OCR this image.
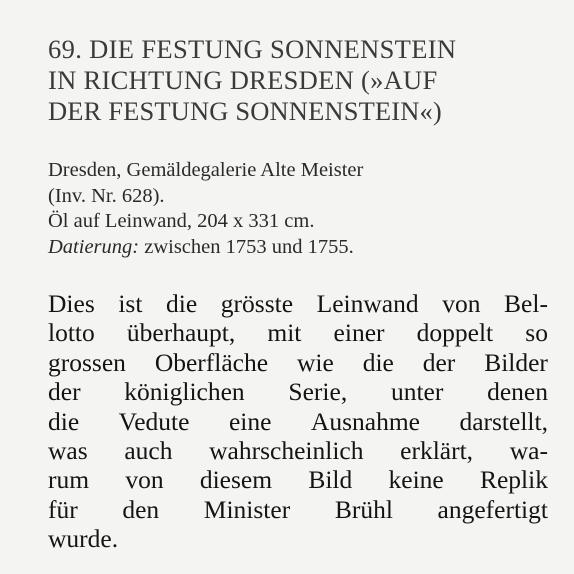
69. DIE FESTUNG SONNENSTEIN
IN RICHTUNG DRESDEN (»AUF
DER FESTUNG SONNENSTEIN«)
Dresden, Gemäldegalerie Alte Meister
(Inv. Nr. 628).
Öl auf Leinwand, 204 x 331 cm.
Datierung: zwischen 1753 und 1755.
Dies ist die grösste Leinwand von Bel-
lotto überhaupt, mit einer doppelt so
grossen Oberfläche wie die der Bilder
der königlichen Serie, unter denen
die Vedute eine Ausnahme darstellt,
was auch wahrscheinlich erklärt, wa-
rum von diesem Bild keine Replik
für den Minister Brühl angefertigt
wurde.
